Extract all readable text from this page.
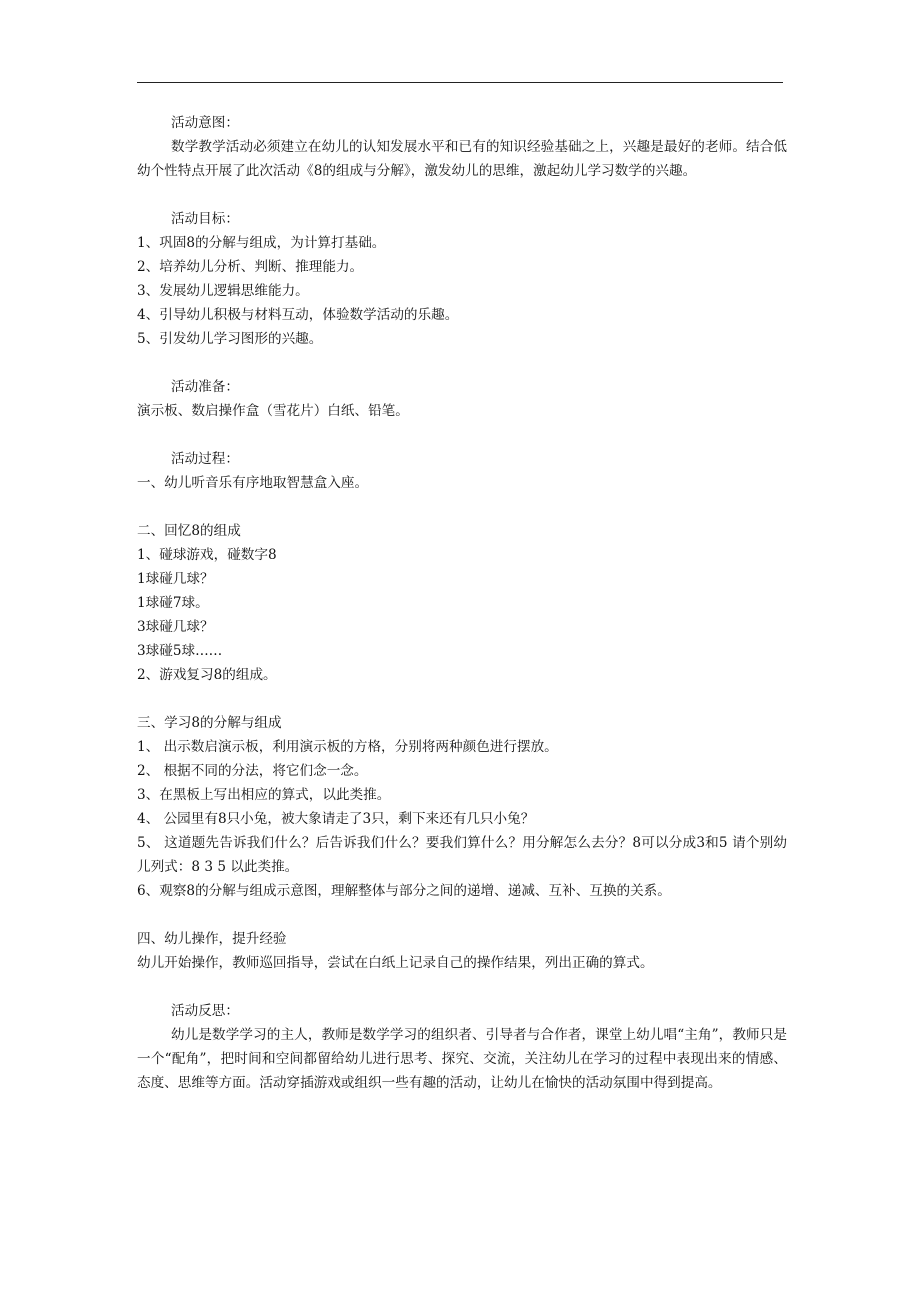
活动意图：

数学教学活动必须建立在幼儿的认知发展水平和已有的知识经验基础之上，兴趣是最好的老师。结合低幼个性特点开展了此次活动《8的组成与分解》，激发幼儿的思维，激起幼儿学习数学的兴趣。

活动目标：

1、巩固8的分解与组成，为计算打基础。

2、培养幼儿分析、判断、推理能力。

3、发展幼儿逻辑思维能力。

4、引导幼儿积极与材料互动，体验数学活动的乐趣。

5、引发幼儿学习图形的兴趣。

活动准备：

演示板、数启操作盒（雪花片）白纸、铅笔。

活动过程：

一、幼儿听音乐有序地取智慧盒入座。

二、回忆8的组成

1、碰球游戏，碰数字8

1球碰几球？

1球碰7球。

3球碰几球？

3球碰5球……

2、游戏复习8的组成。

三、学习8的分解与组成

1、 出示数启演示板，利用演示板的方格，分别将两种颜色进行摆放。

2、 根据不同的分法，将它们念一念。

3、在黑板上写出相应的算式，以此类推。

4、 公园里有8只小兔，被大象请走了3只，剩下来还有几只小兔？

5、 这道题先告诉我们什么？后告诉我们什么？要我们算什么？用分解怎么去分？8可以分成3和5 请个别幼儿列式：8 3 5 以此类推。

6、观察8的分解与组成示意图，理解整体与部分之间的递增、递减、互补、互换的关系。

四、幼儿操作，提升经验

幼儿开始操作，教师巡回指导，尝试在白纸上记录自己的操作结果，列出正确的算式。

活动反思：

幼儿是数学学习的主人，教师是数学学习的组织者、引导者与合作者，课堂上幼儿唱“主角”，教师只是一个“配角”，把时间和空间都留给幼儿进行思考、探究、交流，关注幼儿在学习的过程中表现出来的情感、态度、思维等方面。活动穿插游戏或组织一些有趣的活动，让幼儿在愉快的活动氛围中得到提高。
